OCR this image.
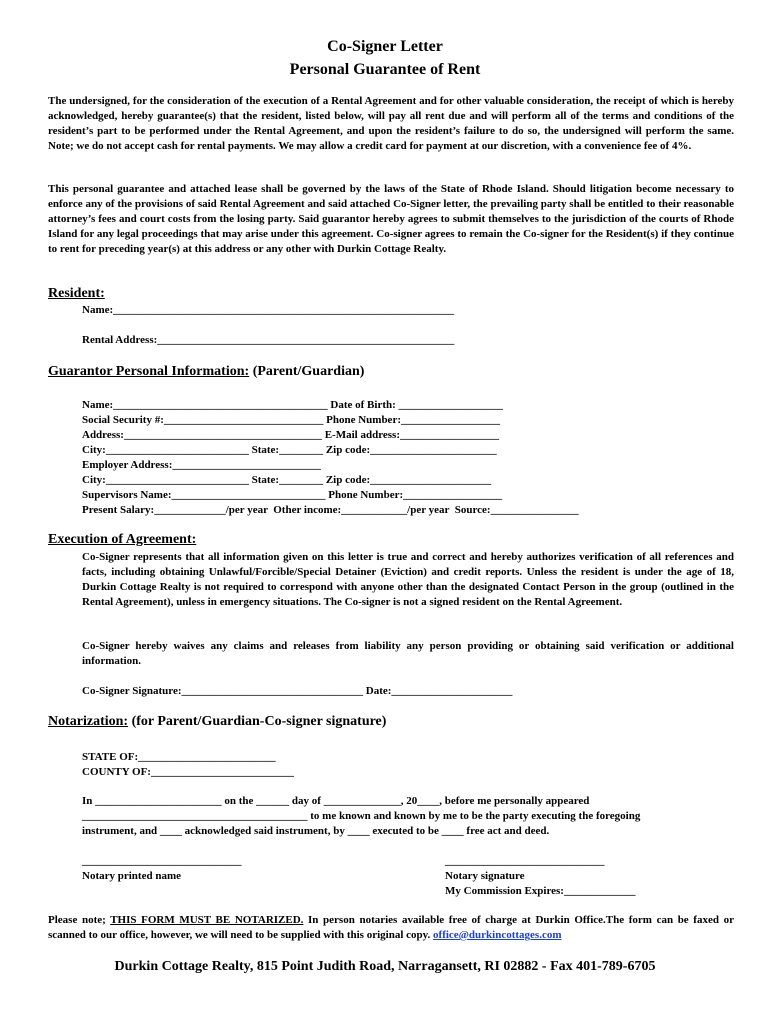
Co-Signer Letter
Personal Guarantee of Rent
The undersigned, for the consideration of the execution of a Rental Agreement and for other valuable consideration, the receipt of which is hereby acknowledged, hereby guarantee(s) that the resident, listed below, will pay all rent due and will perform all of the terms and conditions of the resident’s part to be performed under the Rental Agreement, and upon the resident’s failure to do so, the undersigned will perform the same. Note; we do not accept cash for rental payments. We may allow a credit card for payment at our discretion, with a convenience fee of 4%.
This personal guarantee and attached lease shall be governed by the laws of the State of Rhode Island. Should litigation become necessary to enforce any of the provisions of said Rental Agreement and said attached Co-Signer letter, the prevailing party shall be entitled to their reasonable attorney’s fees and court costs from the losing party. Said guarantor hereby agrees to submit themselves to the jurisdiction of the courts of Rhode Island for any legal proceedings that may arise under this agreement. Co-signer agrees to remain the Co-signer for the Resident(s) if they continue to rent for preceding year(s) at this address or any other with Durkin Cottage Realty.
Resident:
Name:______________________________________________________________
Rental Address:______________________________________________________
Guarantor Personal Information: (Parent/Guardian)
Name:_______________________________________ Date of Birth: ___________________
Social Security #:_____________________________ Phone Number:__________________
Address:____________________________________ E-Mail address:__________________
City:__________________________ State:________ Zip code:_______________________
Employer Address:___________________________
City:__________________________ State:________ Zip code:______________________
Supervisors Name:____________________________ Phone Number:__________________
Present Salary:_____________/per year  Other income:____________/per year  Source:________________
Execution of Agreement:
Co-Signer represents that all information given on this letter is true and correct and hereby authorizes verification of all references and facts, including obtaining Unlawful/Forcible/Special Detainer (Eviction) and credit reports. Unless the resident is under the age of 18, Durkin Cottage Realty is not required to correspond with anyone other than the designated Contact Person in the group (outlined in the Rental Agreement), unless in emergency situations. The Co-signer is not a signed resident on the Rental Agreement.
Co-Signer hereby waives any claims and releases from liability any person providing or obtaining said verification or additional information.
Co-Signer Signature:_________________________________ Date:______________________
Notarization: (for Parent/Guardian-Co-signer signature)
STATE OF:_________________________
COUNTY OF:__________________________
In _______________________ on the ______ day of ______________, 20____, before me personally appeared
_________________________________________ to me known and known by me to be the party executing the foregoing
instrument, and ____ acknowledged said instrument, by ____ executed to be ____ free act and deed.
_____________________________	_____________________________
Notary printed name	Notary signature
My Commission Expires:_____________
Please note; THIS FORM MUST BE NOTARIZED. In person notaries available free of charge at Durkin Office.The form can be faxed or scanned to our office, however, we will need to be supplied with this original copy. office@durkincottages.com
Durkin Cottage Realty, 815 Point Judith Road, Narragansett, RI 02882 - Fax 401-789-6705
